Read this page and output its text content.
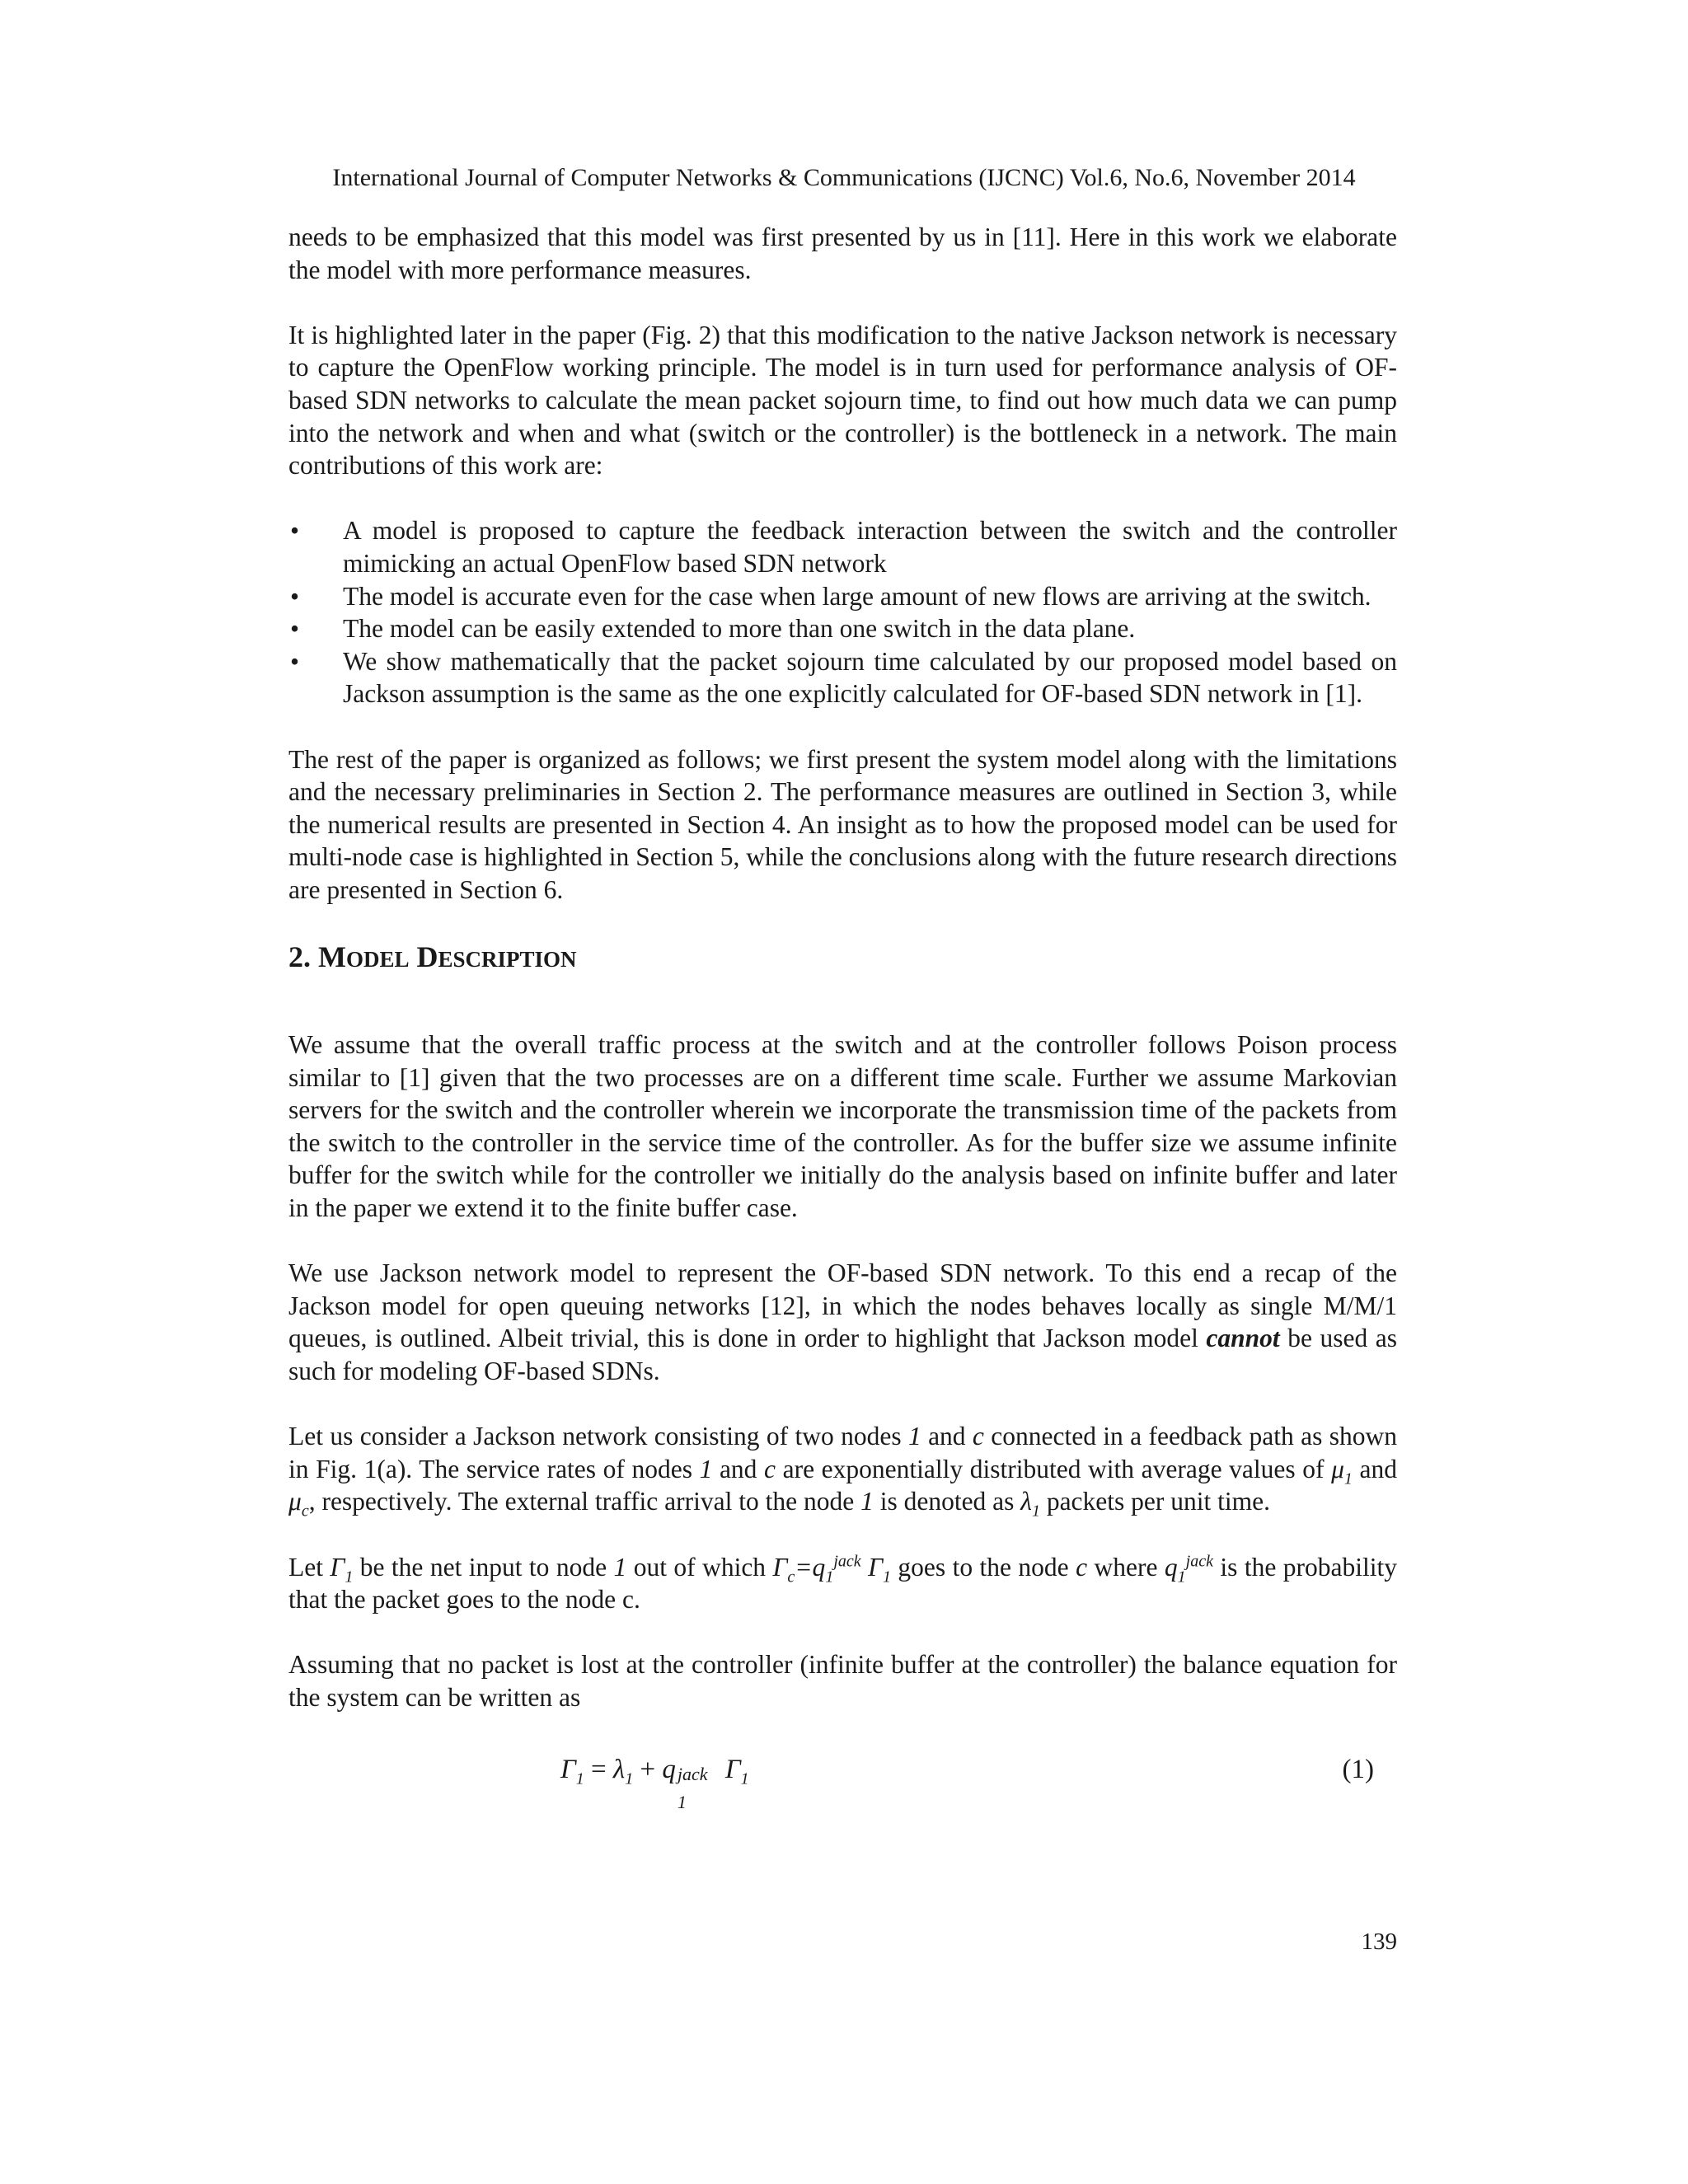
International Journal of Computer Networks & Communications (IJCNC) Vol.6, No.6, November 2014

needs to be emphasized that this model was first presented by us in [11]. Here in this work we elaborate the model with more performance measures.

It is highlighted later in the paper (Fig. 2) that this modification to the native Jackson network is necessary to capture the OpenFlow working principle. The model is in turn used for performance analysis of OF-based SDN networks to calculate the mean packet sojourn time, to find out how much data we can pump into the network and when and what (switch or the controller) is the bottleneck in a network. The main contributions of this work are:

• A model is proposed to capture the feedback interaction between the switch and the controller mimicking an actual OpenFlow based SDN network
• The model is accurate even for the case when large amount of new flows are arriving at the switch.
• The model can be easily extended to more than one switch in the data plane.
• We show mathematically that the packet sojourn time calculated by our proposed model based on Jackson assumption is the same as the one explicitly calculated for OF-based SDN network in [1].

The rest of the paper is organized as follows; we first present the system model along with the limitations and the necessary preliminaries in Section 2. The performance measures are outlined in Section 3, while the numerical results are presented in Section 4. An insight as to how the proposed model can be used for multi-node case is highlighted in Section 5, while the conclusions along with the future research directions are presented in Section 6.

2. MODEL DESCRIPTION

We assume that the overall traffic process at the switch and at the controller follows Poison process similar to [1] given that the two processes are on a different time scale. Further we assume Markovian servers for the switch and the controller wherein we incorporate the transmission time of the packets from the switch to the controller in the service time of the controller. As for the buffer size we assume infinite buffer for the switch while for the controller we initially do the analysis based on infinite buffer and later in the paper we extend it to the finite buffer case.

We use Jackson network model to represent the OF-based SDN network. To this end a recap of the Jackson model for open queuing networks [12], in which the nodes behaves locally as single M/M/1 queues, is outlined. Albeit trivial, this is done in order to highlight that Jackson model cannot be used as such for modeling OF-based SDNs.

Let us consider a Jackson network consisting of two nodes 1 and c connected in a feedback path as shown in Fig. 1(a). The service rates of nodes 1 and c are exponentially distributed with average values of $\mu_1$ and $\mu_c$, respectively. The external traffic arrival to the node 1 is denoted as $\lambda_1$ packets per unit time.

Let $\Gamma_1$ be the net input to node 1 out of which $\Gamma_c=q_1^{jack}$ $\Gamma_1$ goes to the node c where $q_1^{jack}$ is the probability that the packet goes to the node c.

Assuming that no packet is lost at the controller (infinite buffer at the controller) the balance equation for the system can be written as

$\Gamma_1 = \lambda_1 + q$ jack
1
$\Gamma_1$	(1)
139
